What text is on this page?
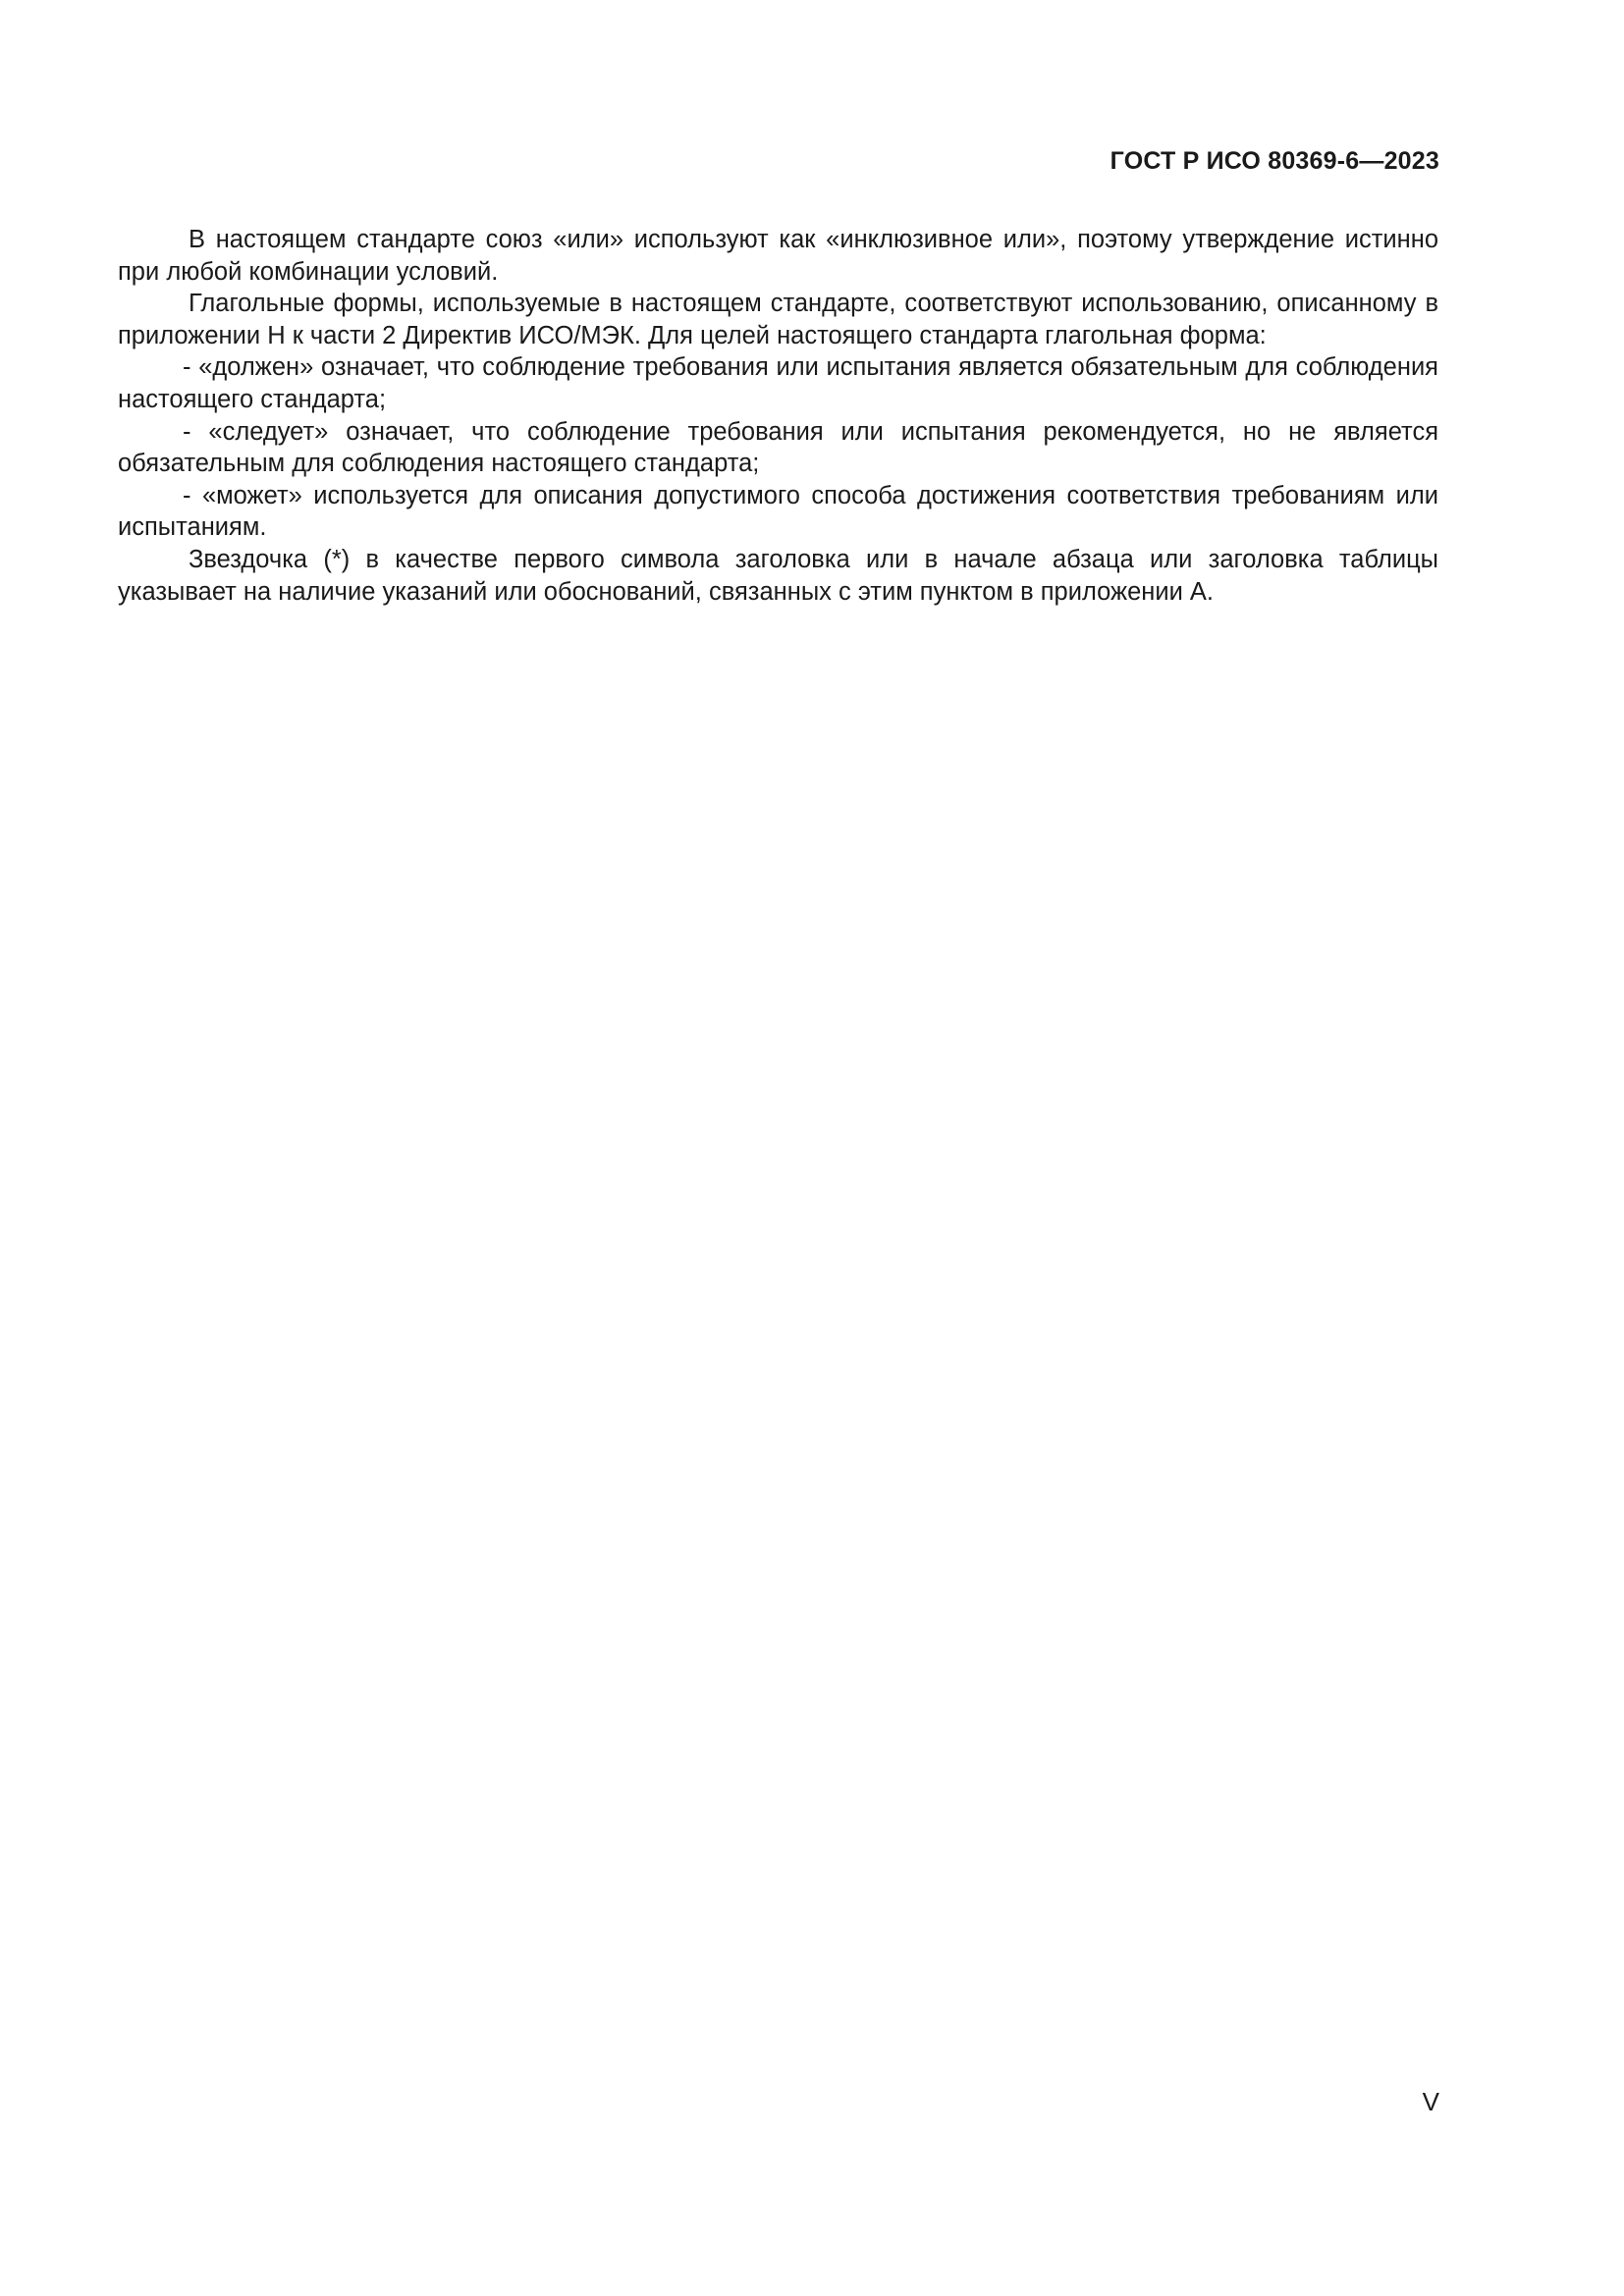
ГОСТ Р ИСО 80369-6—2023

В настоящем стандарте союз «или» используют как «инклюзивное или», поэтому утверждение истинно при любой комбинации условий.

Глагольные формы, используемые в настоящем стандарте, соответствуют использованию, описанному в приложении Н к части 2 Директив ИСО/МЭК. Для целей настоящего стандарта глагольная форма:

- «должен» означает, что соблюдение требования или испытания является обязательным для соблюдения настоящего стандарта;

- «следует» означает, что соблюдение требования или испытания рекомендуется, но не является обязательным для соблюдения настоящего стандарта;

- «может» используется для описания допустимого способа достижения соответствия требованиям или испытаниям.

Звездочка (*) в качестве первого символа заголовка или в начале абзаца или заголовка таблицы указывает на наличие указаний или обоснований, связанных с этим пунктом в приложении A.

V
